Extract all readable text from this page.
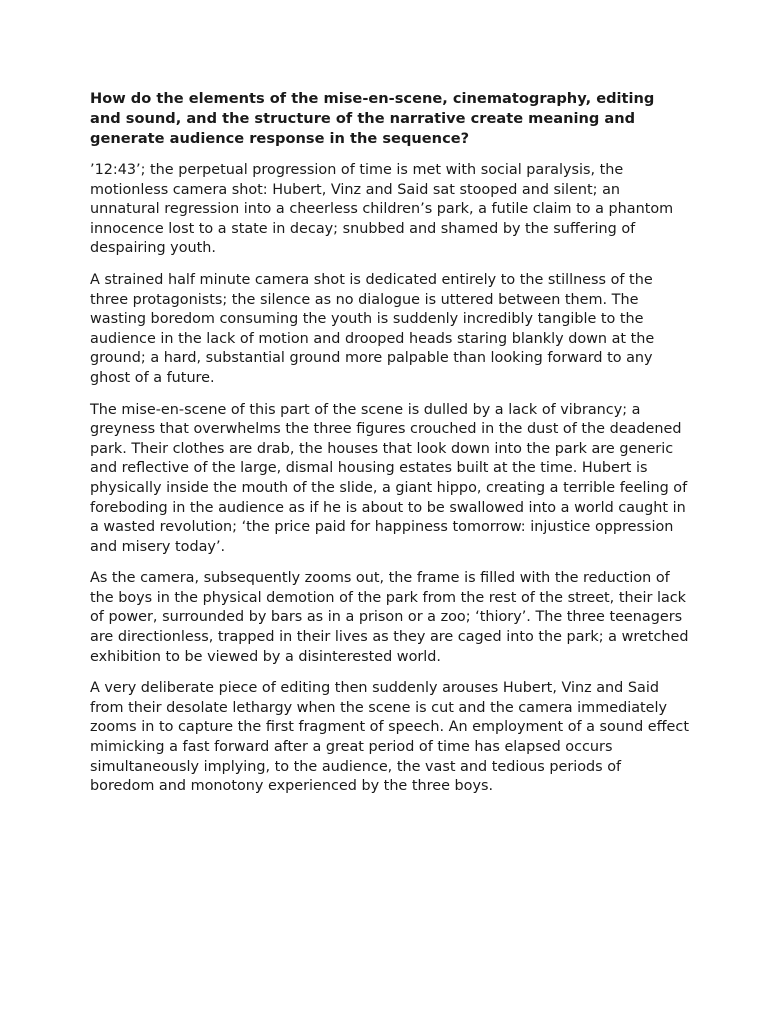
How do the elements of the mise-en-scene, cinematography, editing and sound, and the structure of the narrative create meaning and generate audience response in the sequence?

’12:43’; the perpetual progression of time is met with social paralysis, the motionless camera shot: Hubert, Vinz and Said sat stooped and silent; an unnatural regression into a cheerless children’s park, a futile claim to a phantom innocence lost to a state in decay; snubbed and shamed by the suffering of despairing youth.

A strained half minute camera shot is dedicated entirely to the stillness of the three protagonists; the silence as no dialogue is uttered between them. The wasting boredom consuming the youth is suddenly incredibly tangible to the audience in the lack of motion and drooped heads staring blankly down at the ground; a hard, substantial ground more palpable than looking forward to any ghost of a future.

The mise-en-scene of this part of the scene is dulled by a lack of vibrancy; a greyness that overwhelms the three figures crouched in the dust of the deadened park. Their clothes are drab, the houses that look down into the park are generic and reflective of the large, dismal housing estates built at the time. Hubert is physically inside the mouth of the slide, a giant hippo, creating a terrible feeling of foreboding in the audience as if he is about to be swallowed into a world caught in a wasted revolution; ‘the price paid for happiness tomorrow: injustice oppression and misery today’.

As the camera, subsequently zooms out, the frame is filled with the reduction of the boys in the physical demotion of the park from the rest of the street, their lack of power, surrounded by bars as in a prison or a zoo; ‘thiory’. The three teenagers are directionless, trapped in their lives as they are caged into the park; a wretched exhibition to be viewed by a disinterested world.

A very deliberate piece of editing then suddenly arouses Hubert, Vinz and Said from their desolate lethargy when the scene is cut and the camera immediately zooms in to capture the first fragment of speech. An employment of a sound effect mimicking a fast forward after a great period of time has elapsed occurs simultaneously implying, to the audience, the vast and tedious periods of boredom and monotony experienced by the three boys.
